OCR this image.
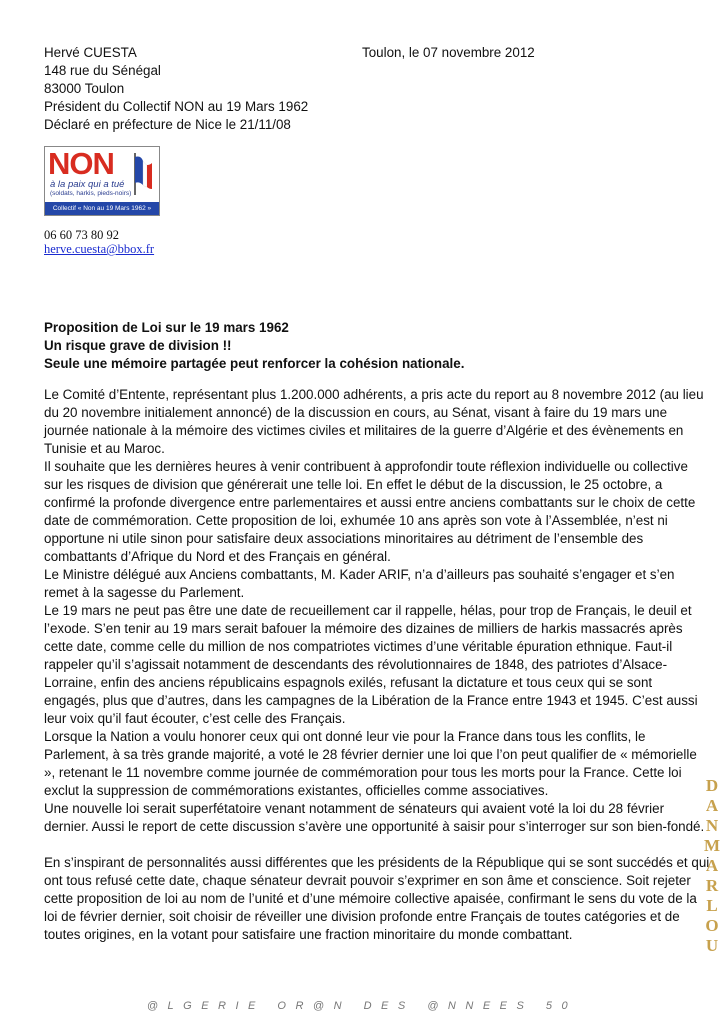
Hervé CUESTA
148 rue du Sénégal
83000 Toulon
Président du Collectif NON au 19 Mars 1962
Déclaré en préfecture de Nice le 21/11/08
Toulon, le 07 novembre 2012
NON
à la paix qui a tué
(soldats, harkis, pieds-noirs)
Collectif « Non au 19 Mars 1962 »
06 60 73 80 92
herve.cuesta@bbox.fr
Proposition de Loi sur le 19 mars 1962
Un risque grave de division !!
Seule une mémoire partagée peut renforcer la cohésion nationale.

Le Comité d’Entente, représentant plus 1.200.000 adhérents, a pris acte du report au 8 novembre 2012 (au lieu du 20 novembre initialement annoncé) de la discussion en cours, au Sénat, visant à faire du 19 mars une journée nationale à la mémoire des victimes civiles et militaires de la guerre d’Algérie et des évènements en Tunisie et au Maroc.

Il souhaite que les dernières heures à venir contribuent à approfondir toute réflexion individuelle ou collective sur les risques de division que générerait une telle loi. En effet le début de la discussion, le 25 octobre, a confirmé la profonde divergence entre parlementaires et aussi entre anciens combattants sur le choix de cette date de commémoration. Cette proposition de loi, exhumée 10 ans après son vote à l’Assemblée, n’est ni opportune ni utile sinon pour satisfaire deux associations minoritaires au détriment de l’ensemble des combattants d’Afrique du Nord et des Français en général.

Le Ministre délégué aux Anciens combattants, M. Kader ARIF, n’a d’ailleurs pas souhaité s’engager et s’en remet à la sagesse du Parlement.

Le 19 mars ne peut pas être une date de recueillement car il rappelle, hélas, pour trop de Français, le deuil et l’exode. S’en tenir au 19 mars serait bafouer la mémoire des dizaines de milliers de harkis massacrés après cette date, comme celle du million de nos compatriotes victimes d’une véritable épuration ethnique. Faut-il rappeler qu’il s’agissait notamment de descendants des révolutionnaires de 1848, des patriotes d’Alsace-Lorraine, enfin des anciens républicains espagnols exilés, refusant la dictature et tous ceux qui se sont engagés, plus que d’autres, dans les campagnes de la Libération de la France entre 1943 et 1945. C’est aussi leur voix qu’il faut écouter, c’est celle des Français.

Lorsque la Nation a voulu honorer ceux qui ont donné leur vie pour la France dans tous les conflits, le Parlement, à sa très grande majorité, a voté le 28 février dernier une loi que l’on peut qualifier de « mémorielle », retenant le 11 novembre comme journée de commémoration pour tous les morts pour la France. Cette loi exclut la suppression de commémorations existantes, officielles comme associatives.

Une nouvelle loi serait superfétatoire venant notamment de sénateurs qui avaient voté la loi du 28 février dernier. Aussi le report de cette discussion s’avère une opportunité à saisir pour s’interroger sur son bien-fondé.

En s’inspirant de personnalités aussi différentes que les présidents de la République qui se sont succédés et qui ont tous refusé cette date, chaque sénateur devrait pouvoir s’exprimer en son âme et conscience. Soit rejeter cette proposition de loi au nom de l’unité et d’une mémoire collective apaisée, confirmant le sens du vote de la loi de février dernier, soit choisir de réveiller une division profonde entre Français de toutes catégories et de toutes origines, en la votant pour satisfaire une fraction minoritaire du monde combattant.

D
A
N
M
A
R
L
O
U
@LGERIE OR@N DES @NNEES 50
